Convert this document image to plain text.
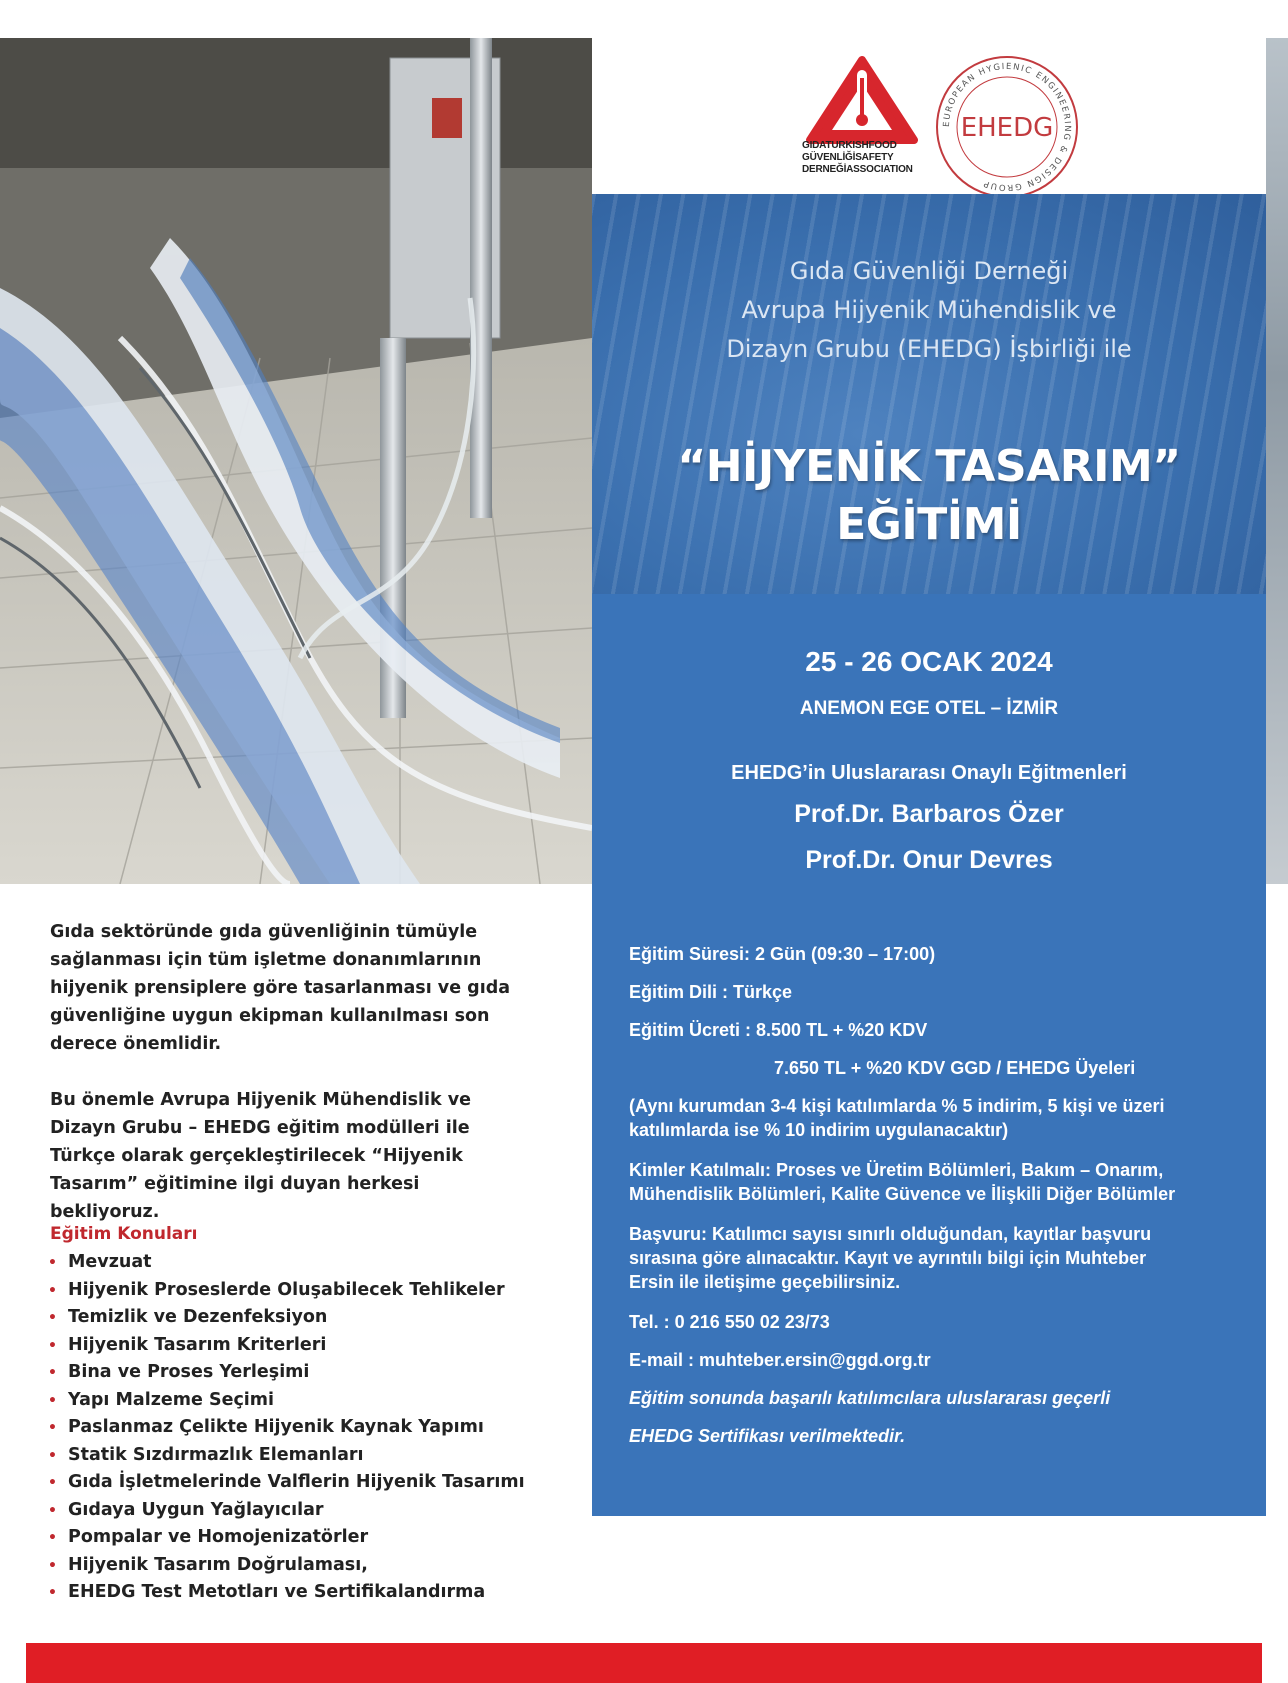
GIDATURKISHFOOD
GÜVENLİĞİSAFETY
DERNEĞİASSOCIATION
EUROPEAN HYGIENIC ENGINEERING & DESIGN GROUP
EHEDG
Gıda Güvenliği Derneği
Avrupa Hijyenik Mühendislik ve
Dizayn Grubu (EHEDG) İşbirliği ile
“HİJYENİK TASARIM”
EĞİTİMİ
25 - 26 OCAK 2024
ANEMON EGE OTEL – İZMİR
EHEDG’in Uluslararası Onaylı Eğitmenleri
Prof.Dr. Barbaros Özer
Prof.Dr. Onur Devres

Eğitim Süresi: 2 Gün (09:30 – 17:00)

Eğitim Dili : Türkçe

Eğitim Ücreti : 8.500 TL + %20 KDV

7.650 TL + %20 KDV GGD / EHEDG Üyeleri

(Aynı kurumdan 3-4 kişi katılımlarda % 5 indirim, 5 kişi ve üzeri

katılımlarda ise % 10 indirim uygulanacaktır)

Kimler Katılmalı: Proses ve Üretim Bölümleri, Bakım – Onarım,

Mühendislik Bölümleri, Kalite Güvence ve İlişkili Diğer Bölümler

Başvuru: Katılımcı sayısı sınırlı olduğundan, kayıtlar başvuru

sırasına göre alınacaktır. Kayıt ve ayrıntılı bilgi için Muhteber

Ersin ile iletişime geçebilirsiniz.

Tel. : 0 216 550 02 23/73

E-mail : muhteber.ersin@ggd.org.tr

Eğitim sonunda başarılı katılımcılara uluslararası geçerli

EHEDG Sertifikası verilmektedir.

Gıda sektöründe gıda güvenliğinin tümüyle sağlanması için tüm işletme donanımlarının hijyenik prensiplere göre tasarlanması ve gıda güvenliğine uygun ekipman kullanılması son derece önemlidir.

Bu önemle Avrupa Hijyenik Mühendislik ve Dizayn Grubu – EHEDG eğitim modülleri ile Türkçe olarak gerçekleştirilecek “Hijyenik Tasarım” eğitimine ilgi duyan herkesi bekliyoruz.

Eğitim Konuları
• Mevzuat
• Hijyenik Proseslerde Oluşabilecek Tehlikeler
• Temizlik ve Dezenfeksiyon
• Hijyenik Tasarım Kriterleri
• Bina ve Proses Yerleşimi
• Yapı Malzeme Seçimi
• Paslanmaz Çelikte Hijyenik Kaynak Yapımı
• Statik Sızdırmazlık Elemanları
• Gıda İşletmelerinde Valflerin Hijyenik Tasarımı
• Gıdaya Uygun Yağlayıcılar
• Pompalar ve Homojenizatörler
• Hijyenik Tasarım Doğrulaması,
• EHEDG Test Metotları ve Sertifikalandırma
